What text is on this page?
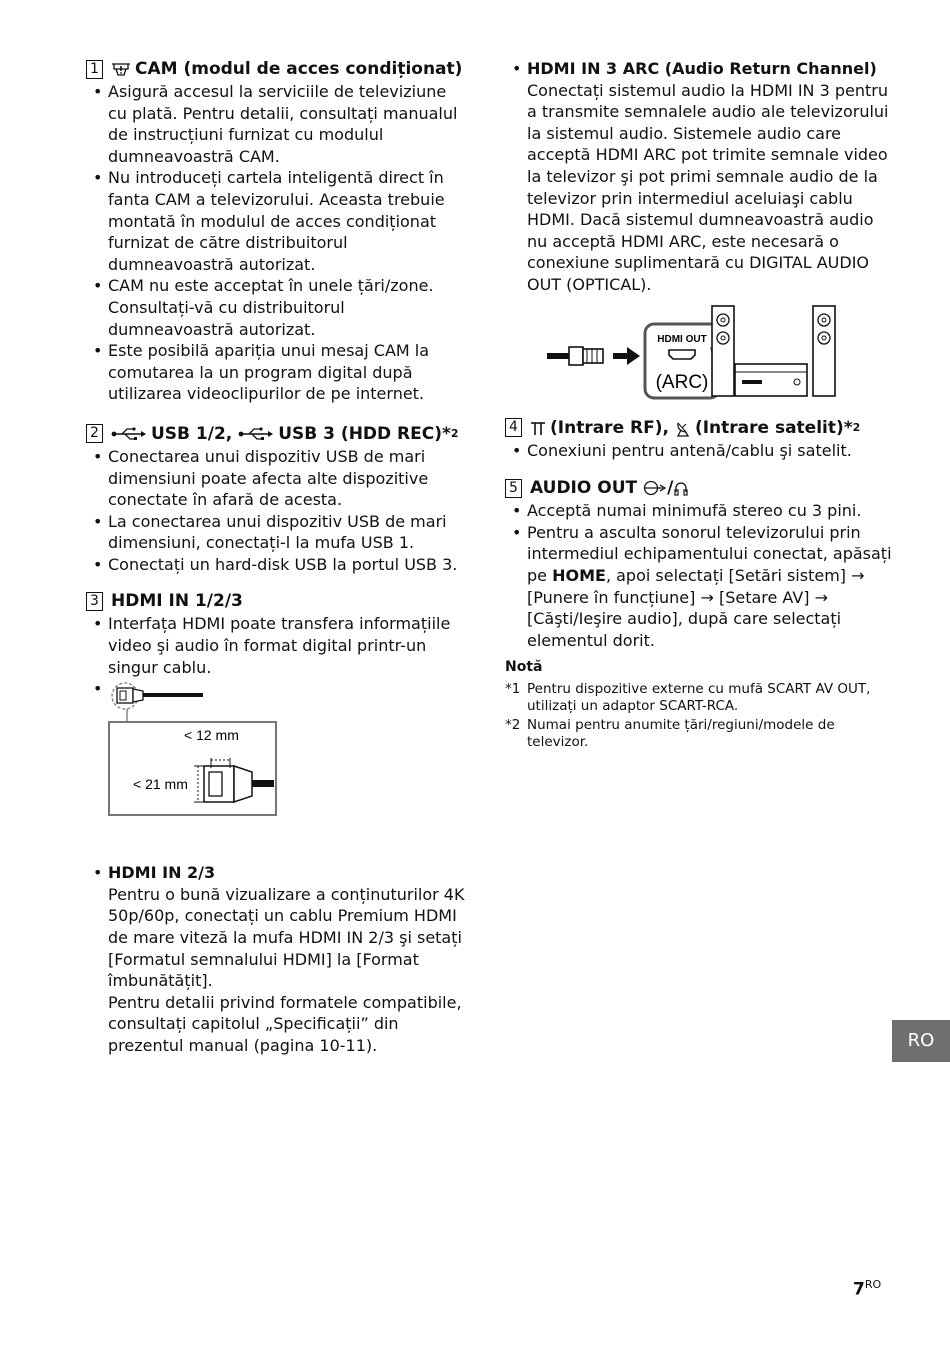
1 CAM (modul de acces condiționat)
• Asigură accesul la serviciile de televiziune cu plată. Pentru detalii, consultați manualul de instrucțiuni furnizat cu modulul dumneavoastră CAM.
• Nu introduceți cartela inteligentă direct în fanta CAM a televizorului. Aceasta trebuie montată în modulul de acces condiționat furnizat de către distribuitorul dumneavoastră autorizat.
• CAM nu este acceptat în unele țări/zone. Consultați-vă cu distribuitorul dumneavoastră autorizat.
• Este posibilă apariția unui mesaj CAM la comutarea la un program digital după utilizarea videoclipurilor de pe internet.
2	USB 1/2,	USB 3 (HDD REC)* 2
• Conectarea unui dispozitiv USB de mari dimensiuni poate afecta alte dispozitive conectate în afară de acesta.
• La conectarea unui dispozitiv USB de mari dimensiuni, conectați-l la mufa USB 1.
• Conectați un hard-disk USB la portul USB 3.
3 HDMI IN 1/2/3
• Interfața HDMI poate transfera informațiile video şi audio în format digital printr-un singur cablu.
• < 12 mm
< 21 mm
• HDMI IN 2/3
Pentru o bună vizualizare a conținuturilor 4K 50p/60p, conectați un cablu Premium HDMI de mare viteză la mufa HDMI IN 2/3 şi setați [Formatul semnalului HDMI] la [Format îmbunătățit].
Pentru detalii privind formatele compatibile, consultați capitolul „Specificații” din prezentul manual (pagina 10-11).
• HDMI IN 3 ARC (Audio Return Channel)
Conectați sistemul audio la HDMI IN 3 pentru a transmite semnalele audio ale televizorului la sistemul audio. Sistemele audio care acceptă HDMI ARC pot trimite semnale video la televizor şi pot primi semnale audio de la televizor prin intermediul aceluiaşi cablu HDMI. Dacă sistemul dumneavoastră audio nu acceptă HDMI ARC, este necesară o conexiune suplimentară cu DIGITAL AUDIO OUT (OPTICAL).
HDMI OUT
(ARC)
4 (Intrare RF), (Intrare satelit)* 2
• Conexiuni pentru antenă/cablu şi satelit.
5 AUDIO OUT /
• Acceptă numai minimufă stereo cu 3 pini.
• Pentru a asculta sonorul televizorului prin intermediul echipamentului conectat, apăsați pe HOME, apoi selectați [Setări sistem] → [Punere în funcțiune] → [Setare AV] → [Căşti/Ieşire audio], după care selectați elementul dorit.
Notă
*1 Pentru dispozitive externe cu mufă SCART AV OUT, utilizați un adaptor SCART-RCA.
*2 Numai pentru anumite țări/regiuni/modele de televizor.
RO
$7^{RO}$
